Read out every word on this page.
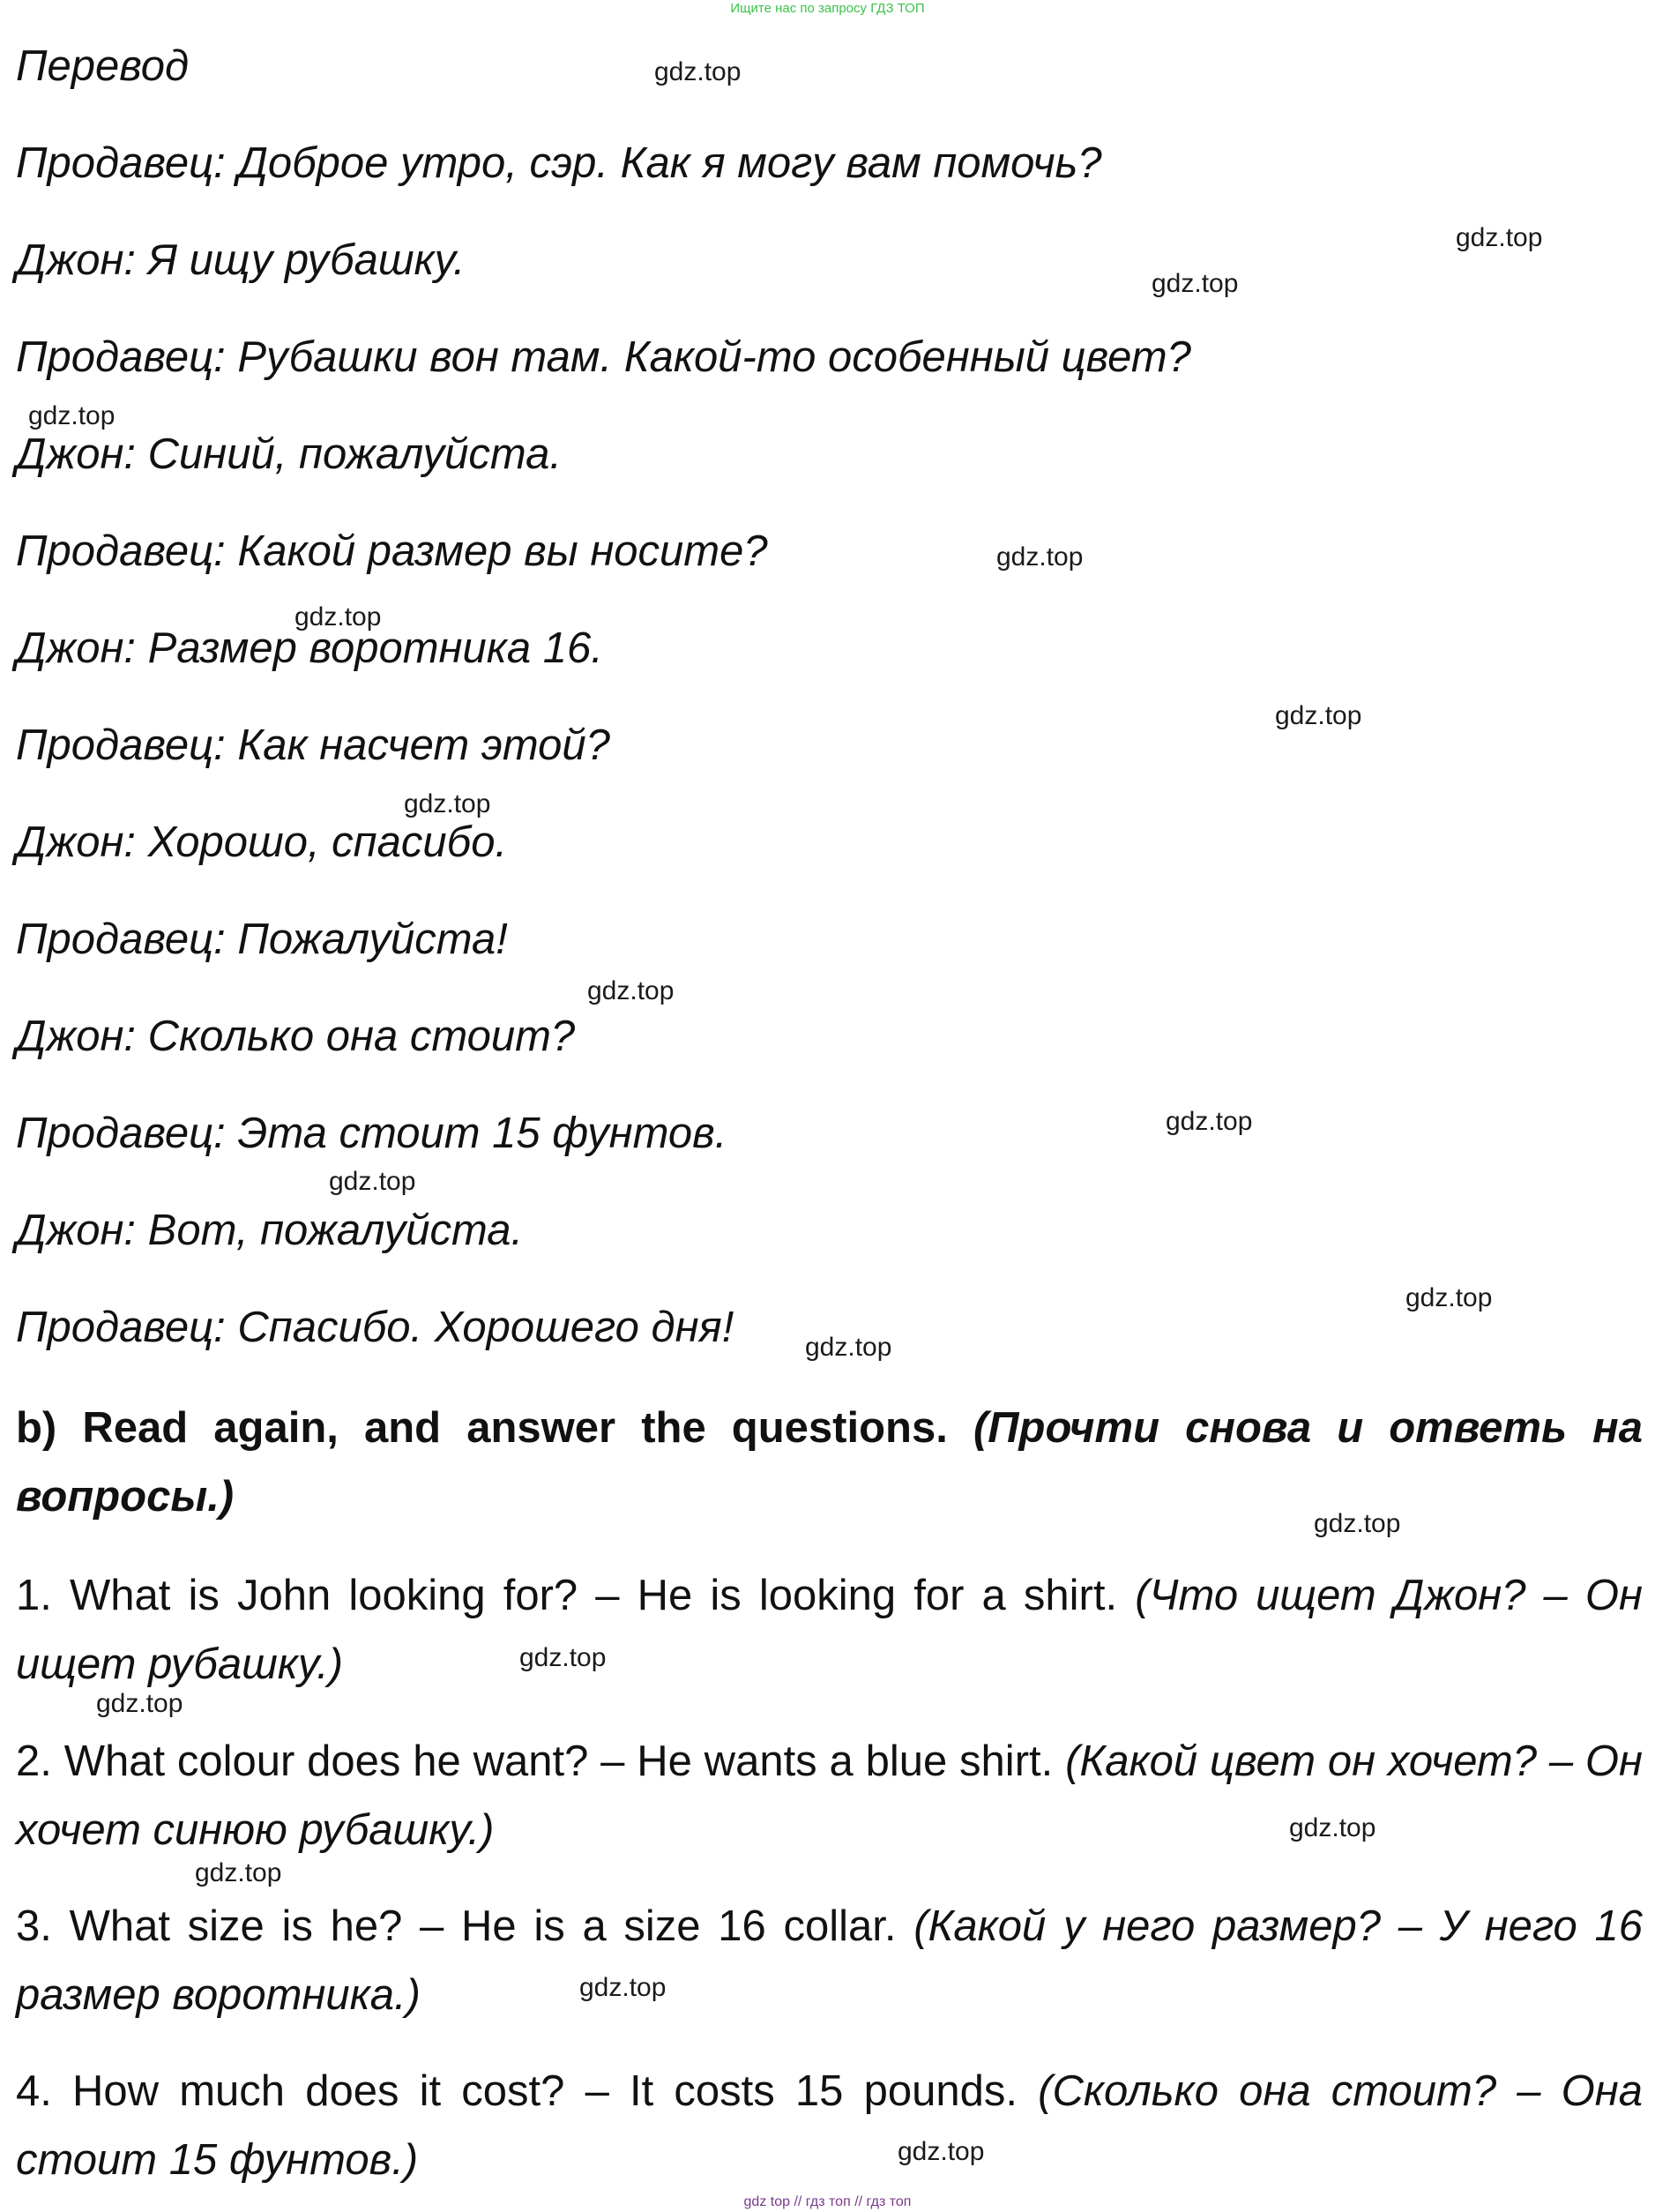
Ищите нас по запросу ГДЗ ТОП
Перевод
Продавец: Доброе утро, сэр. Как я могу вам помочь?
Джон: Я ищу рубашку.
Продавец: Рубашки вон там. Какой-то особенный цвет?
Джон: Синий, пожалуйста.
Продавец: Какой размер вы носите?
Джон: Размер воротника 16.
Продавец: Как насчет этой?
Джон: Хорошо, спасибо.
Продавец: Пожалуйста!
Джон: Сколько она стоит?
Продавец: Эта стоит 15 фунтов.
Джон: Вот, пожалуйста.
Продавец: Спасибо. Хорошего дня!
b) Read again, and answer the questions. (Прочти снова и ответь на вопросы.)
1. What is John looking for? – He is looking for a shirt. (Что ищет Джон? – Он ищет рубашку.)
2. What colour does he want? – He wants a blue shirt. (Какой цвет он хочет? – Он хочет синюю рубашку.)
3. What size is he? – He is a size 16 collar. (Какой у него размер? – У него 16 размер воротника.)
4. How much does it cost? – It costs 15 pounds. (Сколько она стоит? – Она стоит 15 фунтов.)
gdz.top
gdz.top
gdz.top
gdz.top
gdz.top
gdz.top
gdz.top
gdz.top
gdz.top
gdz.top
gdz.top
gdz.top
gdz.top
gdz.top
gdz.top
gdz.top
gdz.top
gdz.top
gdz.top
gdz.top
gdz top // гдз топ // гдз топ
